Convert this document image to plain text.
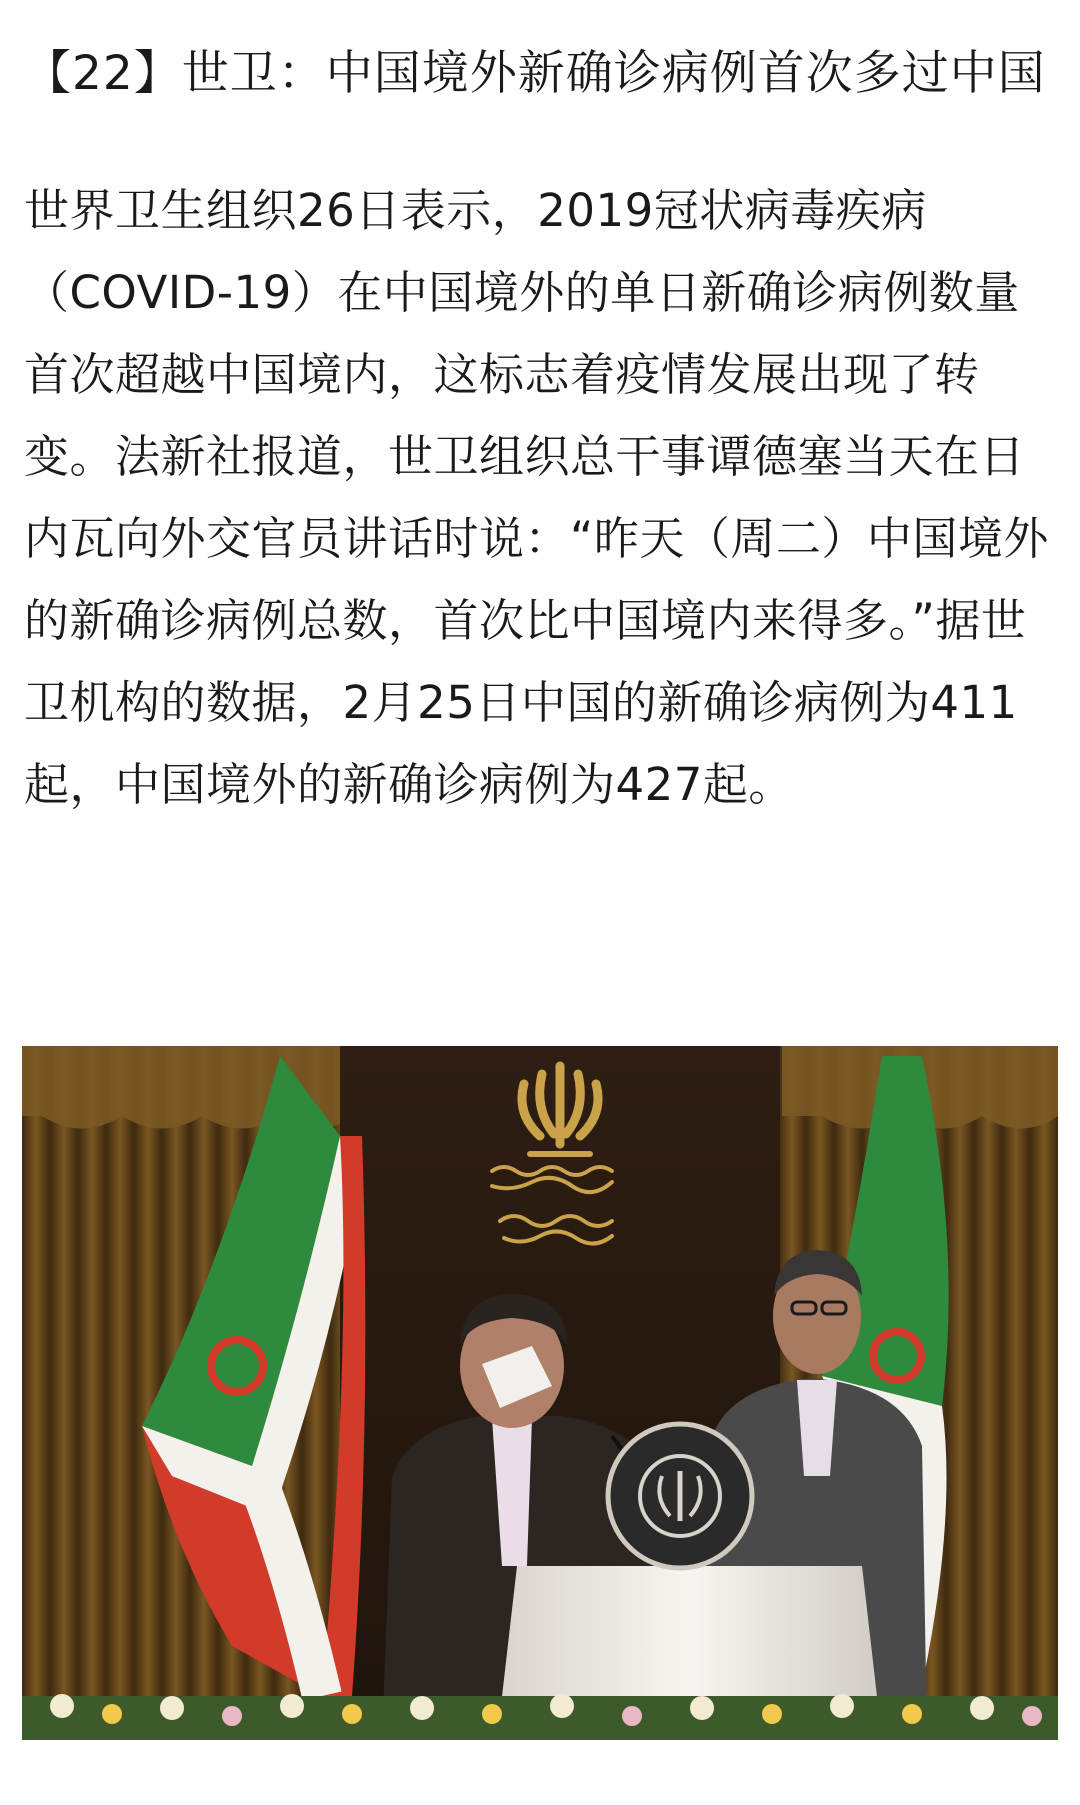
【22】世卫：中国境外新确诊病例首次多过中国

世界卫生组织26日表示，2019冠状病毒疾病（COVID-19）在中国境外的单日新确诊病例数量首次超越中国境内，这标志着疫情发展出现了转变。法新社报道，世卫组织总干事谭德塞当天在日内瓦向外交官员讲话时说：“昨天（周二）中国境外的新确诊病例总数，首次比中国境内来得多。”据世卫机构的数据，2月25日中国的新确诊病例为411起，中国境外的新确诊病例为427起。
